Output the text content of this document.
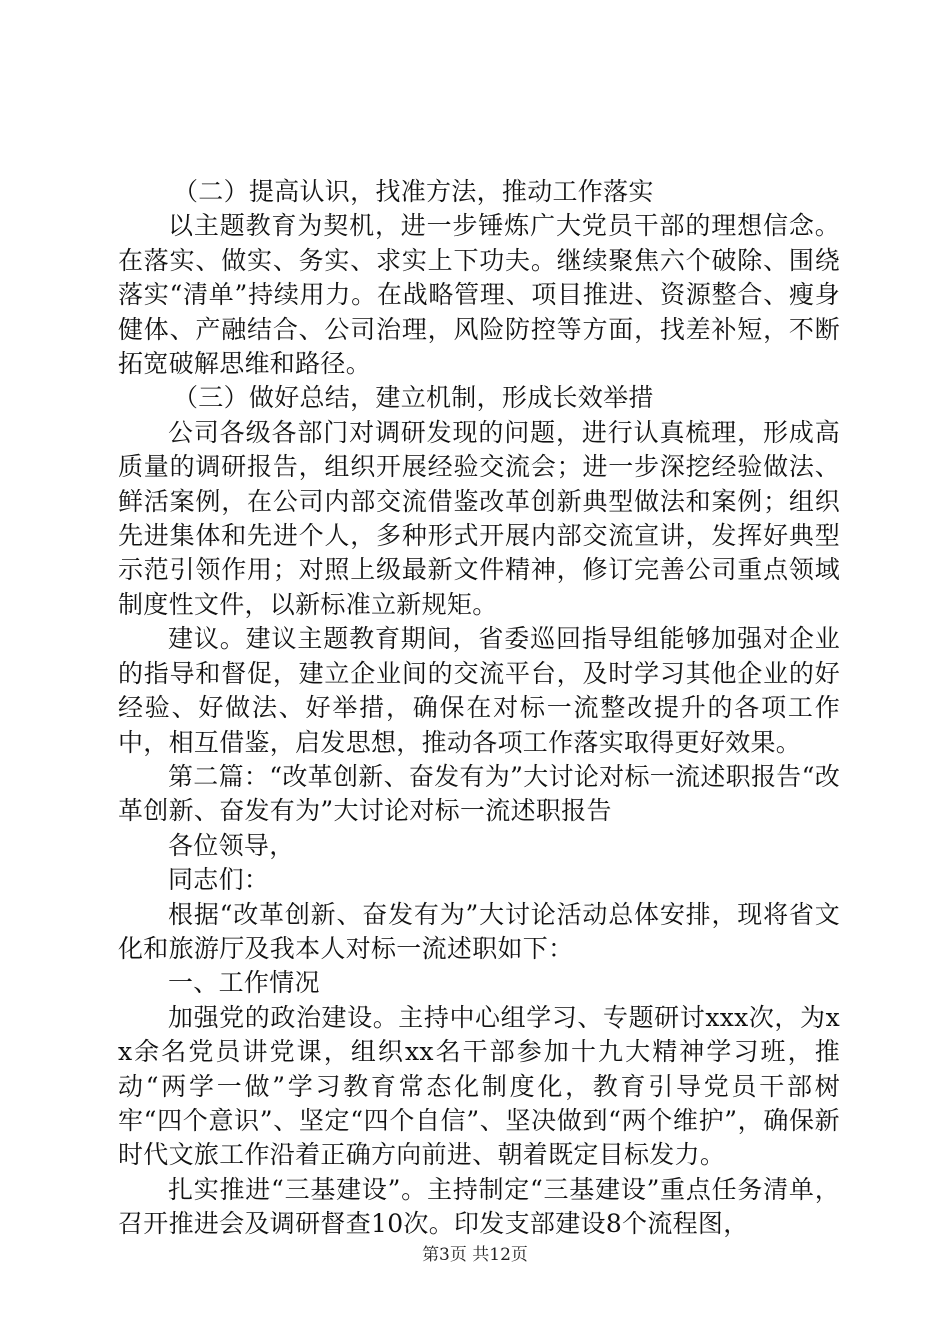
（二）提高认识，找准方法，推动工作落实

以主题教育为契机，进一步锤炼广大党员干部的理想信念。在落实、做实、务实、求实上下功夫。继续聚焦六个破除、围绕落实“清单”持续用力。在战略管理、项目推进、资源整合、瘦身健体、产融结合、公司治理，风险防控等方面，找差补短，不断拓宽破解思维和路径。

（三）做好总结，建立机制，形成长效举措

公司各级各部门对调研发现的问题，进行认真梳理，形成高质量的调研报告，组织开展经验交流会；进一步深挖经验做法、鲜活案例，在公司内部交流借鉴改革创新典型做法和案例；组织先进集体和先进个人，多种形式开展内部交流宣讲，发挥好典型示范引领作用；对照上级最新文件精神，修订完善公司重点领域制度性文件，以新标准立新规矩。

建议。建议主题教育期间，省委巡回指导组能够加强对企业的指导和督促，建立企业间的交流平台，及时学习其他企业的好经验、好做法、好举措，确保在对标一流整改提升的各项工作中，相互借鉴，启发思想，推动各项工作落实取得更好效果。

第二篇：“改革创新、奋发有为”大讨论对标一流述职报告“改革创新、奋发有为”大讨论对标一流述职报告

各位领导，

同志们：

根据“改革创新、奋发有为”大讨论活动总体安排，现将省文化和旅游厅及我本人对标一流述职如下：

一、工作情况

加强党的政治建设。主持中心组学习、专题研讨xxx次，为xx余名党员讲党课，组织xx名干部参加十九大精神学习班，推动“两学一做”学习教育常态化制度化，教育引导党员干部树牢“四个意识”、坚定“四个自信”、坚决做到“两个维护”，确保新时代文旅工作沿着正确方向前进、朝着既定目标发力。

扎实推进“三基建设”。主持制定“三基建设”重点任务清单，召开推进会及调研督查10次。印发支部建设8个流程图，

第3页 共12页
